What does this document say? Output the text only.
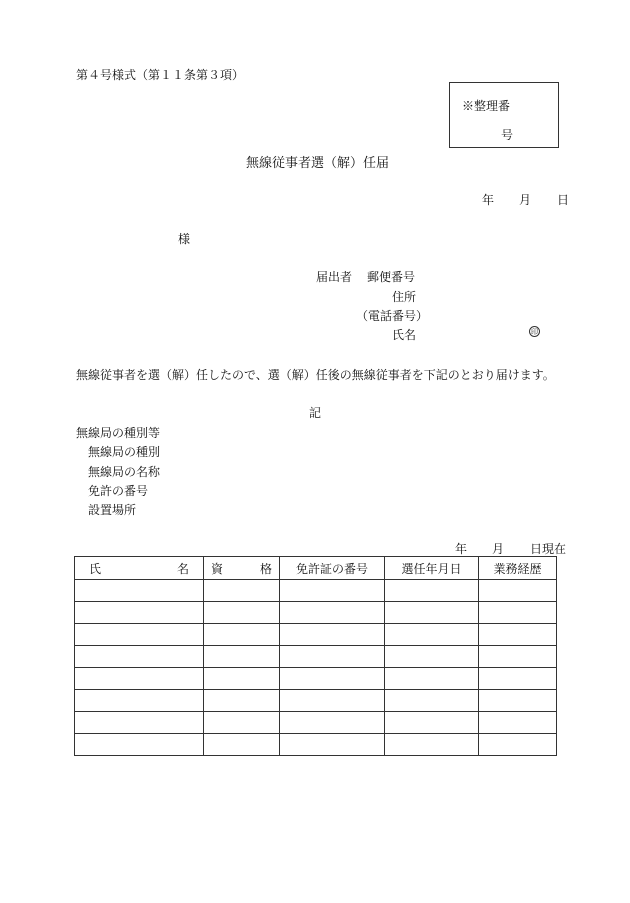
第４号様式（第１１条第３項）
※整理番
号
無線従事者選（解）任届
年 月 日
様
届出者 郵便番号
住所
（電話番号）
氏名	印
無線従事者を選（解）任したので、選（解）任後の無線従事者を下記のとおり届けます。
記
無線局の種別等
無線局の種別
無線局の名称
免許の番号
設置場所
年 月 日現在
氏 名	資 格	免許証の番号	選任年月日	業務経歴
